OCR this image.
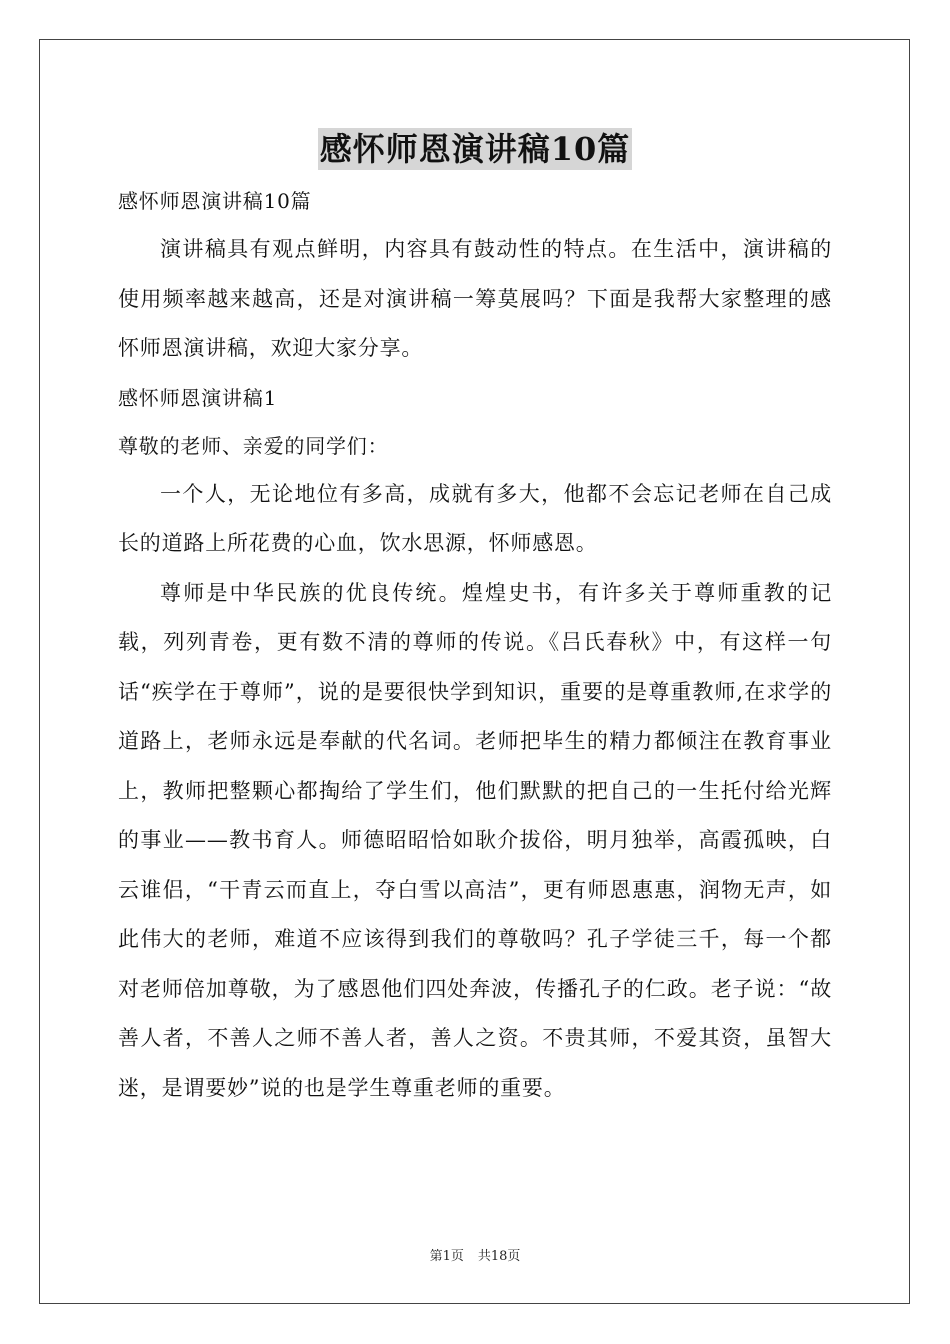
感怀师恩演讲稿10篇

感怀师恩演讲稿10篇

演讲稿具有观点鲜明，内容具有鼓动性的特点。在生活中，演讲稿的使用频率越来越高，还是对演讲稿一筹莫展吗？下面是我帮大家整理的感怀师恩演讲稿，欢迎大家分享。

感怀师恩演讲稿1

尊敬的老师、亲爱的同学们：

一个人，无论地位有多高，成就有多大，他都不会忘记老师在自己成长的道路上所花费的心血，饮水思源，怀师感恩。

尊师是中华民族的优良传统。煌煌史书，有许多关于尊师重教的记载，列列青卷，更有数不清的尊师的传说。《吕氏春秋》中，有这样一句话“疾学在于尊师”，说的是要很快学到知识，重要的是尊重教师,在求学的道路上，老师永远是奉献的代名词。老师把毕生的精力都倾注在教育事业上，教师把整颗心都掏给了学生们，他们默默的把自己的一生托付给光辉的事业——教书育人。师德昭昭恰如耿介拔俗，明月独举，高霞孤映，白云谁侣，“干青云而直上，夺白雪以高洁”，更有师恩惠惠，润物无声，如此伟大的老师，难道不应该得到我们的尊敬吗？孔子学徒三千，每一个都对老师倍加尊敬，为了感恩他们四处奔波，传播孔子的仁政。老子说：“故善人者，不善人之师不善人者，善人之资。不贵其师，不爱其资，虽智大迷，是谓要妙”说的也是学生尊重老师的重要。

第1页 共18页
